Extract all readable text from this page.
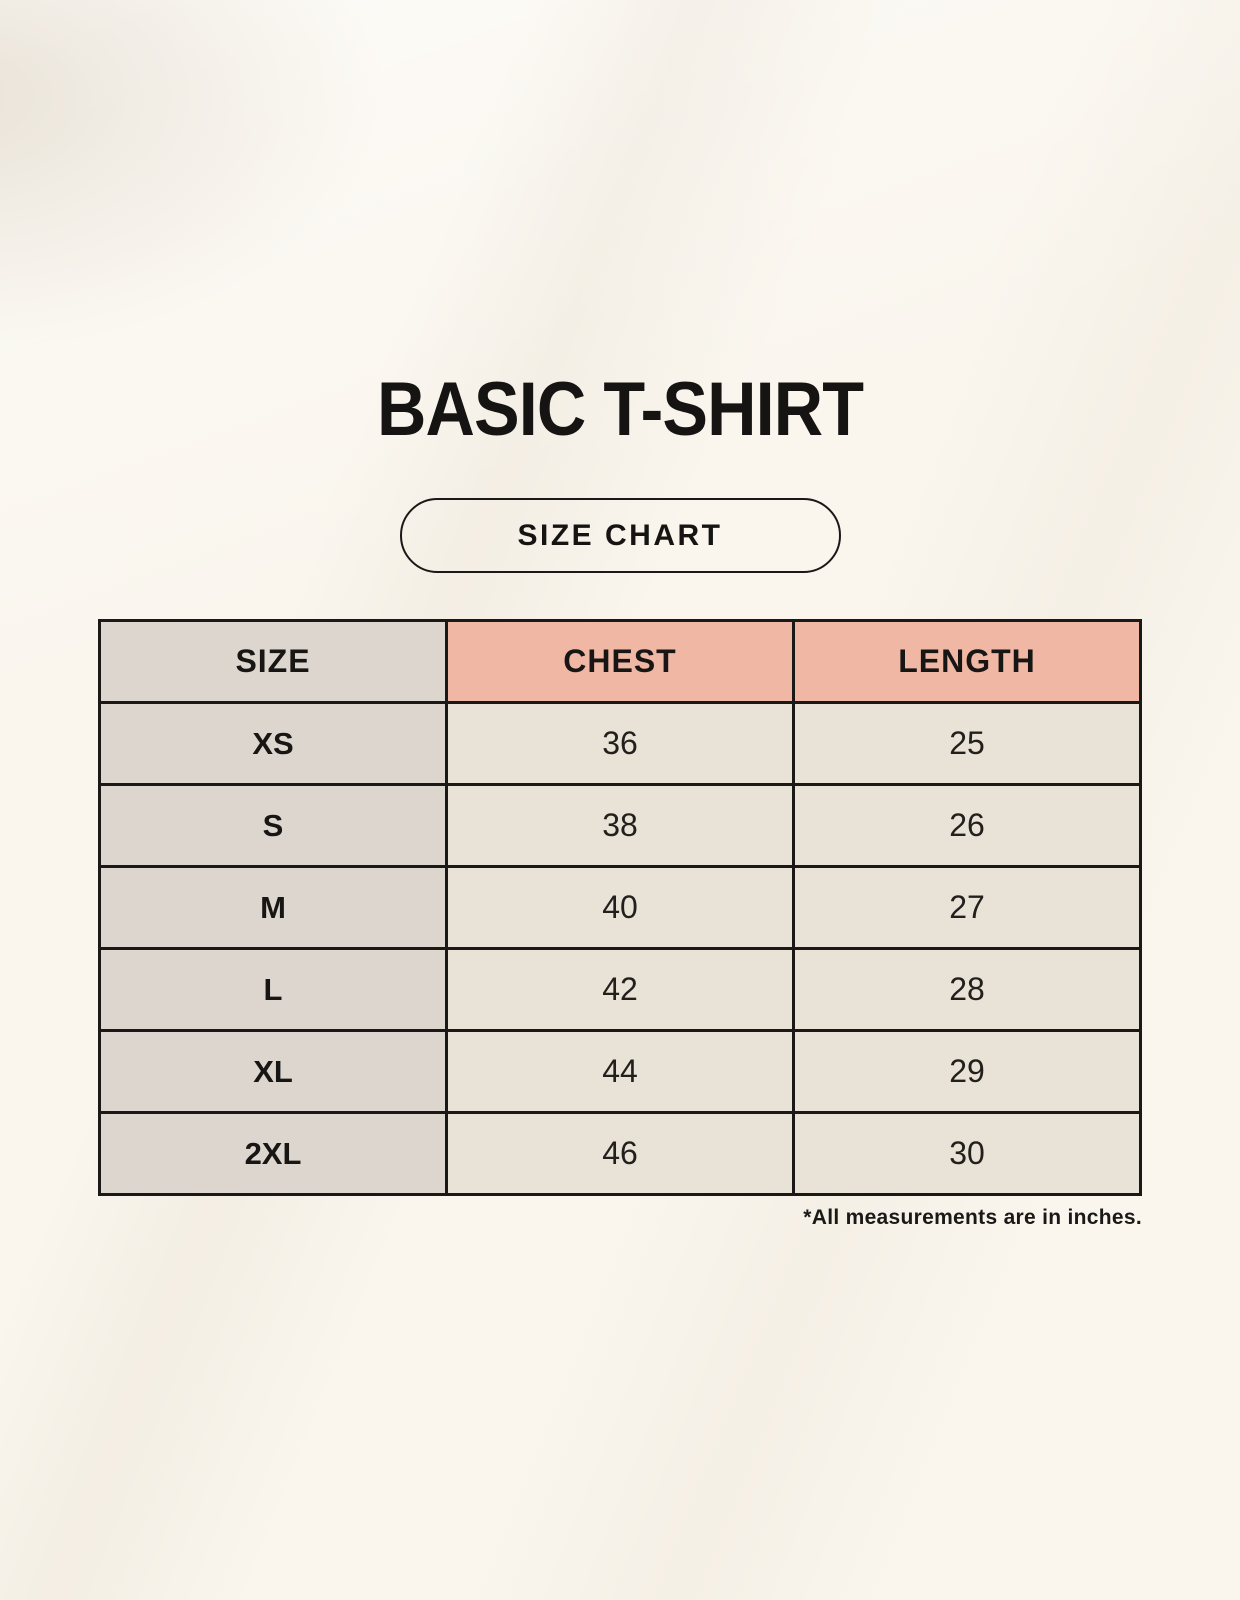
BASIC T-SHIRT
SIZE CHART
SIZE	CHEST	LENGTH
XS	36	25
S	38	26
M	40	27
L	42	28
XL	44	29
2XL	46	30
*All measurements are in inches.
